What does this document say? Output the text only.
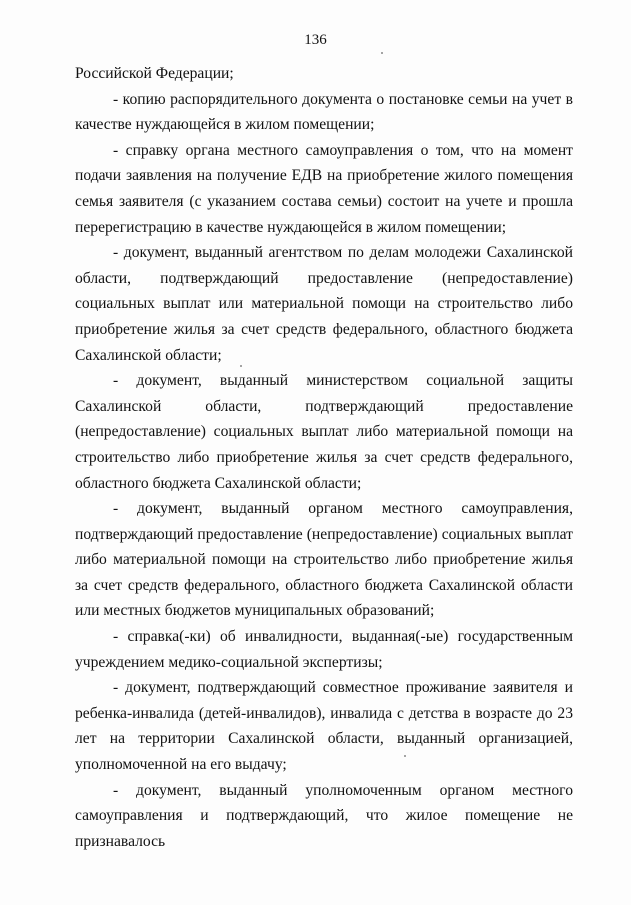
136

Российской Федерации;

- копию распорядительного документа о постановке семьи на учет в качестве нуждающейся в жилом помещении;

- справку органа местного самоуправления о том, что на момент подачи заявления на получение ЕДВ на приобретение жилого помещения семья заявителя (с указанием состава семьи) состоит на учете и прошла перерегистрацию в качестве нуждающейся в жилом помещении;

- документ, выданный агентством по делам молодежи Сахалинской области, подтверждающий предоставление (непредоставление) социальных выплат или материальной помощи на строительство либо приобретение жилья за счет средств федерального, областного бюджета Сахалинской области;

- документ, выданный министерством социальной защиты Сахалинской области, подтверждающий предоставление (непредоставление) социальных выплат либо материальной помощи на строительство либо приобретение жилья за счет средств федерального, областного бюджета Сахалинской области;

- документ, выданный органом местного самоуправления, подтверждающий предоставление (непредоставление) социальных выплат либо материальной помощи на строительство либо приобретение жилья за счет средств федерального, областного бюджета Сахалинской области или местных бюджетов муниципальных образований;

- справка(-ки) об инвалидности, выданная(-ые) государственным учреждением медико-социальной экспертизы;

- документ, подтверждающий совместное проживание заявителя и ребенка-инвалида (детей-инвалидов), инвалида с детства в возрасте до 23 лет на территории Сахалинской области, выданный организацией, уполномоченной на его выдачу;

- документ, выданный уполномоченным органом местного самоуправления и подтверждающий, что жилое помещение не признавалось
